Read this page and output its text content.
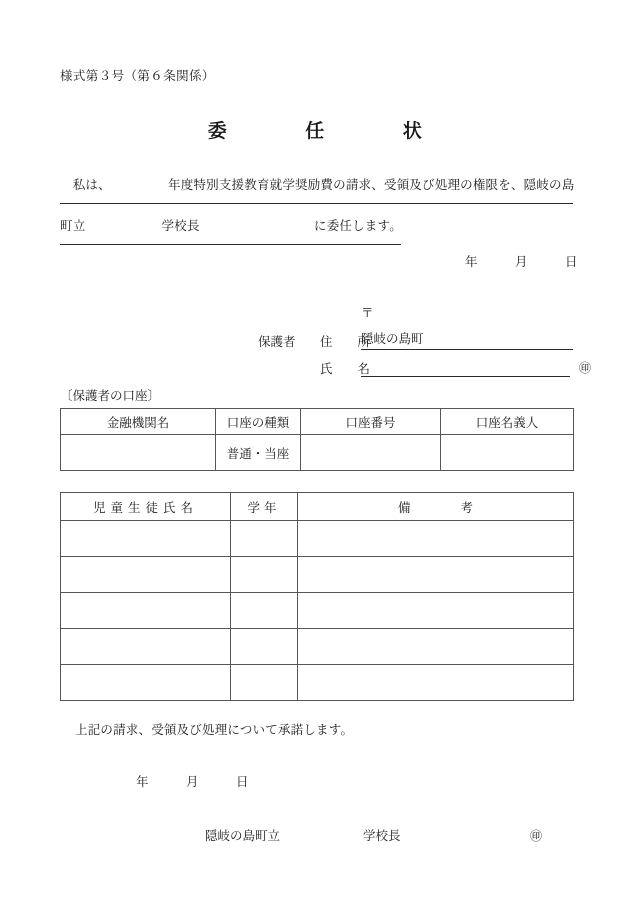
様式第３号（第６条関係）
委　　　　任　　　　状
　私は、　　　　　年度特別支援教育就学奨励費の請求、受領及び処理の権限を、隠岐の島
町立　　　　　　学校長　　　　　　　　　に委任します。
年　　　月　　　日
〒
保護者	住　　所
隠岐の島町
氏　　名	㊞
〔保護者の口座〕
金融機関名	口座の種類	口座番号	口座名義人
	普通・当座		
児童生徒氏名	学年	備　　　　考

上記の請求、受領及び処理について承諾します。
年　　　月　　　日
隠岐の島町立	学校長	㊞
